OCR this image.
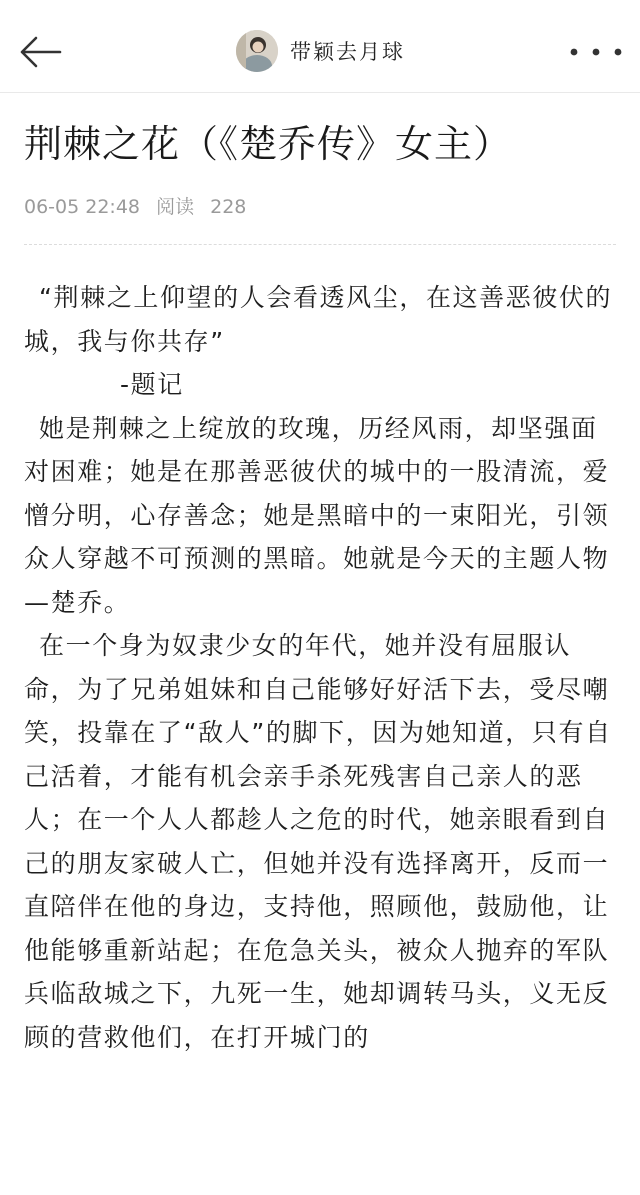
带颖去月球
荆棘之花（《楚乔传》女主）
06-05 22:48 阅读 228

“荆棘之上仰望的人会看透风尘，在这善恶彼伏的城，我与你共存”

-题记

她是荆棘之上绽放的玫瑰，历经风雨，却坚强面对困难；她是在那善恶彼伏的城中的一股清流，爱憎分明，心存善念；她是黑暗中的一束阳光，引领众人穿越不可预测的黑暗。她就是今天的主题人物—楚乔。

在一个身为奴隶少女的年代，她并没有屈服认命，为了兄弟姐妹和自己能够好好活下去，受尽嘲笑，投靠在了“敌人”的脚下，因为她知道，只有自己活着，才能有机会亲手杀死残害自己亲人的恶人；在一个人人都趁人之危的时代，她亲眼看到自己的朋友家破人亡，但她并没有选择离开，反而一直陪伴在他的身边，支持他，照顾他，鼓励他，让他能够重新站起；在危急关头，被众人抛弃的军队兵临敌城之下，九死一生，她却调转马头，义无反顾的营救他们，在打开城门的
